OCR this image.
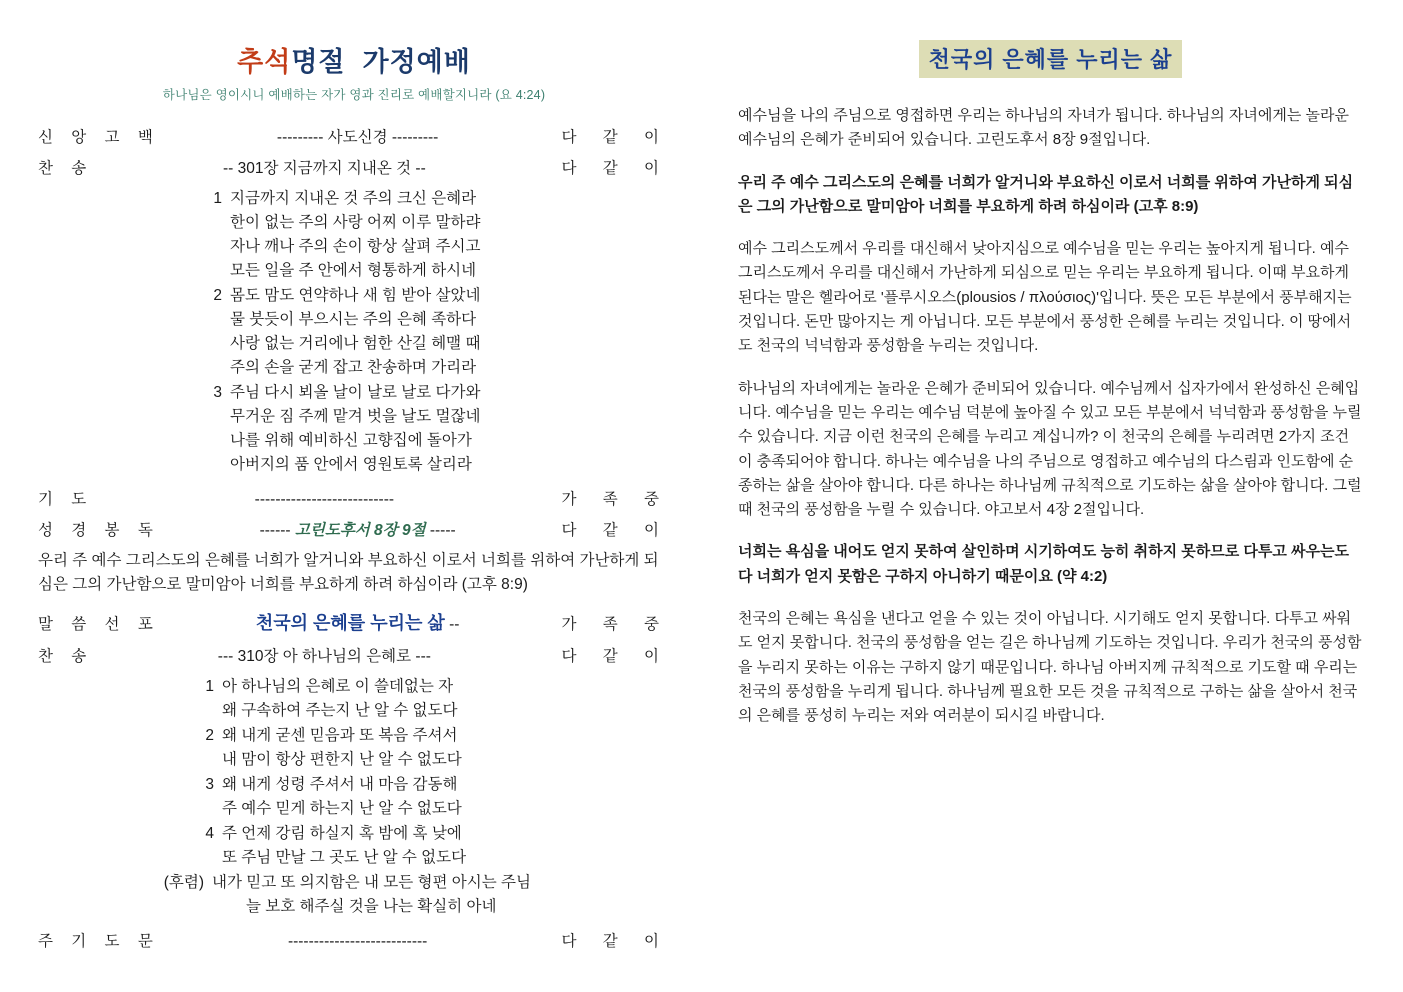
추석명절 가정예배
하나님은 영이시니 예배하는 자가 영과 진리로 예배할지니라 (요 4:24)
신 앙 고 백	--------- 사도신경 ---------	다 같 이
찬 송	-- 301장 지금까지 지내온 것 --	다 같 이
1 지금까지 지내온 것 주의 크신 은혜라
한이 없는 주의 사랑 어찌 이루 말하랴
자나 깨나 주의 손이 항상 살펴 주시고
모든 일을 주 안에서 형통하게 하시네
2 몸도 맘도 연약하나 새 힘 받아 살았네
물 붓듯이 부으시는 주의 은혜 족하다
사랑 없는 거리에나 험한 산길 헤맬 때
주의 손을 굳게 잡고 찬송하며 가리라
3 주님 다시 뵈올 날이 날로 날로 다가와
무거운 짐 주께 맡겨 벗을 날도 멀잖네
나를 위해 예비하신 고향집에 돌아가
아버지의 품 안에서 영원토록 살리라
기 도	---------------------------	가 족 중
성 경 봉 독	------ 고린도후서 8장 9절 -----	다 같 이
우리 주 예수 그리스도의 은혜를 너희가 알거니와 부요하신 이로서 너희를 위하여 가난하게 되심은 그의 가난함으로 말미암아 너희를 부요하게 하려 하심이라 (고후 8:9)
말 씀 선 포	천국의 은혜를 누리는 삶 --	가 족 중
찬 송	--- 310장 아 하나님의 은혜로 ---	다 같 이
1 아 하나님의 은혜로 이 쓸데없는 자
왜 구속하여 주는지 난 알 수 없도다
2 왜 내게 굳센 믿음과 또 복음 주셔서
내 맘이 항상 편한지 난 알 수 없도다
3 왜 내게 성령 주셔서 내 마음 감동해
주 예수 믿게 하는지 난 알 수 없도다
4 주 언제 강림 하실지 혹 밤에 혹 낮에
또 주님 만날 그 곳도 난 알 수 없도다
(후렴) 내가 믿고 또 의지함은 내 모든 형편 아시는 주님
늘 보호 해주실 것을 나는 확실히 아네
주 기 도 문	---------------------------	다 같 이
천국의 은혜를 누리는 삶

예수님을 나의 주님으로 영접하면 우리는 하나님의 자녀가 됩니다. 하나님의 자녀에게는 놀라운 예수님의 은혜가 준비되어 있습니다. 고린도후서 8장 9절입니다.

우리 주 예수 그리스도의 은혜를 너희가 알거니와 부요하신 이로서 너희를 위하여 가난하게 되심은 그의 가난함으로 말미암아 너희를 부요하게 하려 하심이라 (고후 8:9)

예수 그리스도께서 우리를 대신해서 낮아지심으로 예수님을 믿는 우리는 높아지게 됩니다. 예수 그리스도께서 우리를 대신해서 가난하게 되심으로 믿는 우리는 부요하게 됩니다. 이때 부요하게 된다는 말은 헬라어로 '플루시오스(plousios / πλούσιος)'입니다. 뜻은 모든 부분에서 풍부해지는 것입니다. 돈만 많아지는 게 아닙니다. 모든 부분에서 풍성한 은혜를 누리는 것입니다. 이 땅에서도 천국의 넉넉함과 풍성함을 누리는 것입니다.

하나님의 자녀에게는 놀라운 은혜가 준비되어 있습니다. 예수님께서 십자가에서 완성하신 은혜입니다. 예수님을 믿는 우리는 예수님 덕분에 높아질 수 있고 모든 부분에서 넉넉함과 풍성함을 누릴 수 있습니다. 지금 이런 천국의 은혜를 누리고 계십니까? 이 천국의 은혜를 누리려면 2가지 조건이 충족되어야 합니다. 하나는 예수님을 나의 주님으로 영접하고 예수님의 다스림과 인도함에 순종하는 삶을 살아야 합니다. 다른 하나는 하나님께 규칙적으로 기도하는 삶을 살아야 합니다. 그럴 때 천국의 풍성함을 누릴 수 있습니다. 야고보서 4장 2절입니다.

너희는 욕심을 내어도 얻지 못하여 살인하며 시기하여도 능히 취하지 못하므로 다투고 싸우는도다 너희가 얻지 못함은 구하지 아니하기 때문이요 (약 4:2)

천국의 은혜는 욕심을 낸다고 얻을 수 있는 것이 아닙니다. 시기해도 얻지 못합니다. 다투고 싸워도 얻지 못합니다. 천국의 풍성함을 얻는 길은 하나님께 기도하는 것입니다. 우리가 천국의 풍성함을 누리지 못하는 이유는 구하지 않기 때문입니다. 하나님 아버지께 규칙적으로 기도할 때 우리는 천국의 풍성함을 누리게 됩니다. 하나님께 필요한 모든 것을 규칙적으로 구하는 삶을 살아서 천국의 은혜를 풍성히 누리는 저와 여러분이 되시길 바랍니다.
